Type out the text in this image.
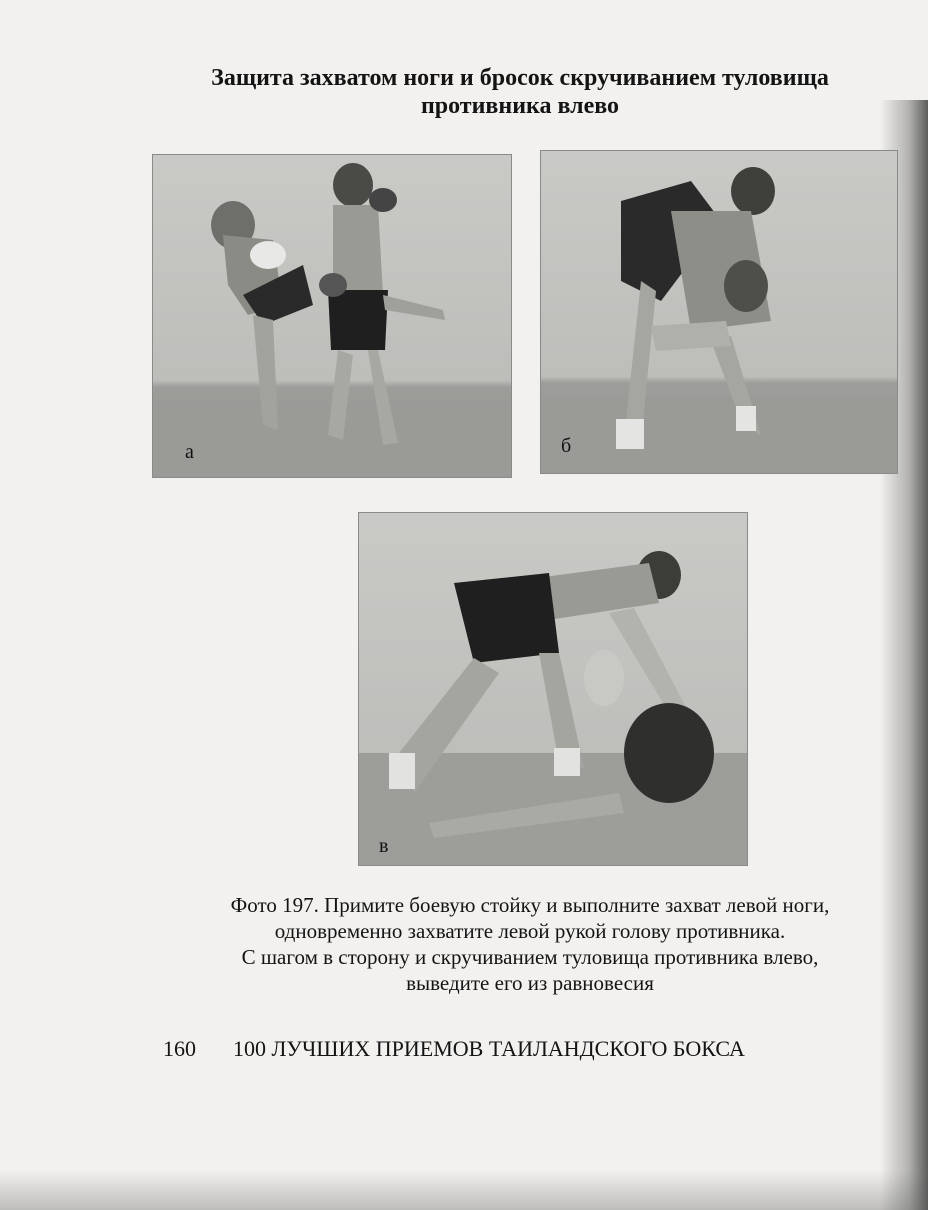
Защита захватом ноги и бросок скручиванием туловища
противника влево
а	б
в
Фото 197. Примите боевую стойку и выполните захват левой ноги,
одновременно захватите левой рукой голову противника.
С шагом в сторону и скручиванием туловища противника влево,
выведите его из равновесия
160 100 ЛУЧШИХ ПРИЕМОВ ТАИЛАНДСКОГО БОКСА
